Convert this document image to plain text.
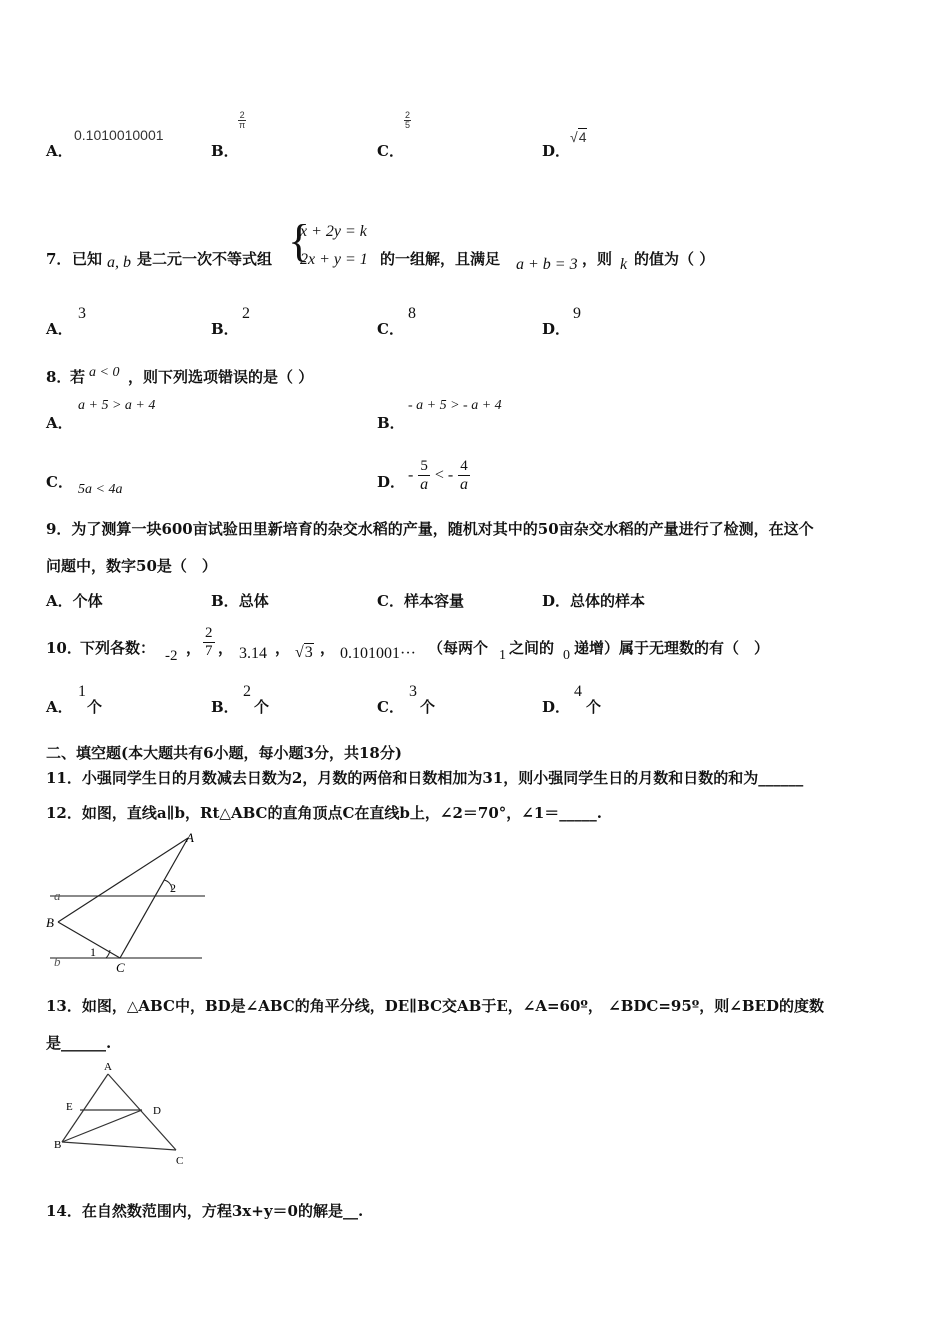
A．
0.1010010001
B．
$\frac{2}{\pi}$
C．
$\frac{2}{5}$
D．
√4
7． 已知 a, b 是二元一次不等式组 {
x + 2y = k
2x + y = 1 的一组解，且满足 a + b = 3 ，则 k 的值为（ ）
A．
3
B．
2
C．
8
D．
9
8．
若 a < 0 ，则下列选项错误的是（ ）
A．
a + 5 > a + 4
B．
- a + 5 > - a + 4
C． 5a < 4a	D． - $\frac{5}{a}$ < - $\frac{4}{a}$
9．为了测算一块600亩试验田里新培育的杂交水稻的产量，随机对其中的50亩杂交水稻的产量进行了检测，在这个
问题中，数字50是（　）
A．个体	B．总体	C．样本容量	D．总体的样本
10．
下列各数： -2 ， $\frac{2}{7}$ ， 3.14 ， √3 ， 0.101001··· （每两个 1 之间的 0 递增）属于无理数的有（　）
A．
1
个	B．
2
个	C．
3
个	D．
4
个
二、填空题(本大题共有6小题，每小题3分，共18分)
11．小强同学生日的月数减去日数为2，月数的两倍和日数相加为31，则小强同学生日的月数和日数的和为______
12．如图，直线a∥b，Rt△ABC的直角顶点C在直线b上，∠2＝70°，∠1＝_____.
A
B
C
a
b
1
2
13．如图，△ABC中，BD是∠ABC的角平分线，DE∥BC交AB于E，∠A=60º， ∠BDC=95º，则∠BED的度数
是______.
A
E	D
B
C
14．在自然数范围内，方程3x+y＝0的解是__.
